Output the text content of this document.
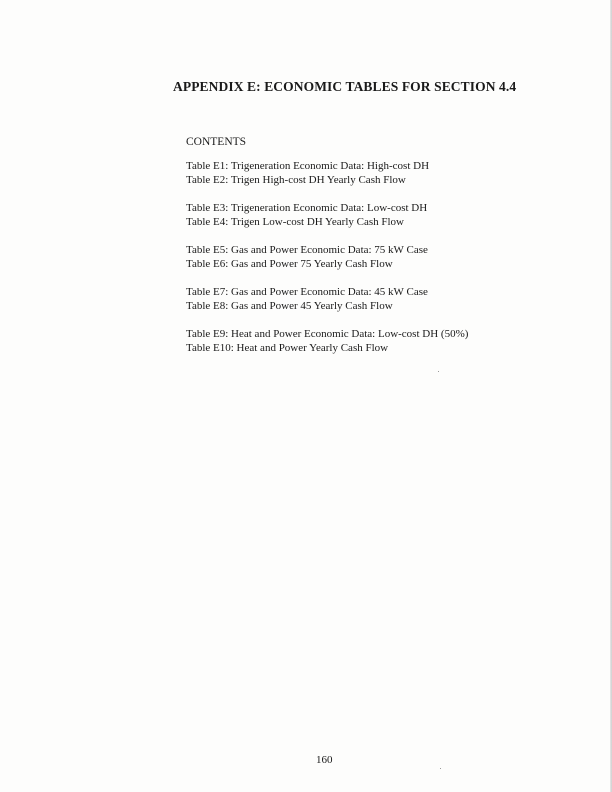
APPENDIX E: ECONOMIC TABLES FOR SECTION 4.4
CONTENTS
Table E1: Trigeneration Economic Data: High-cost DH
Table E2: Trigen High-cost DH Yearly Cash Flow
Table E3: Trigeneration Economic Data: Low-cost DH
Table E4: Trigen Low-cost DH Yearly Cash Flow
Table E5: Gas and Power Economic Data: 75 kW Case
Table E6: Gas and Power 75 Yearly Cash Flow
Table E7: Gas and Power Economic Data: 45 kW Case
Table E8: Gas and Power 45 Yearly Cash Flow
Table E9: Heat and Power Economic Data: Low-cost DH (50%)
Table E10: Heat and Power Yearly Cash Flow
160
